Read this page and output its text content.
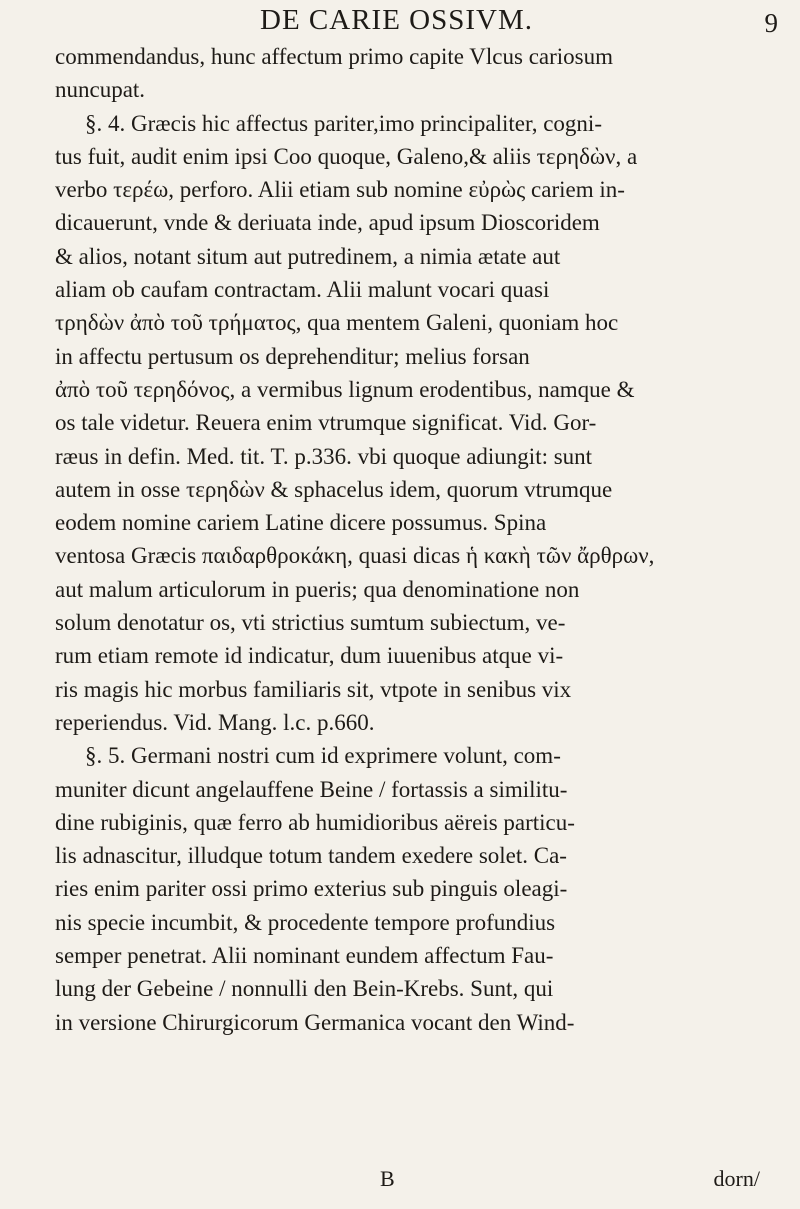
DE CARIE OSSIVM.	9
commendandus, hunc affectum primo capite Vlcus cariosum
nuncupat.
§. 4. Græcis hic affectus pariter,imo principaliter, cogni-
tus fuit, audit enim ipsi Coo quoque, Galeno,& aliis τερηδὼν, a
verbo τερέω, perforo. Alii etiam sub nomine εὐρὼς cariem in-
dicauerunt, vnde & deriuata inde, apud ipsum Dioscoridem
& alios, notant situm aut putredinem, a nimia ætate aut
aliam ob caufam contractam. Alii malunt vocari quasi
τρηδὼν ἀπὸ τοῦ τρήματος, qua mentem Galeni, quoniam hoc
in affectu pertusum os deprehenditur; melius forsan
ἀπὸ τοῦ τερηδόνος, a vermibus lignum erodentibus, namque &
os tale videtur. Reuera enim vtrumque significat. Vid. Gor-
ræus in defin. Med. tit. T. p.336. vbi quoque adiungit: sunt
autem in osse τερηδὼν & sphacelus idem, quorum vtrumque
eodem nomine cariem Latine dicere possumus. Spina
ventosa Græcis παιδαρθροκάκη, quasi dicas ἡ κακὴ τῶν ἄρθρων,
aut malum articulorum in pueris; qua denominatione non
solum denotatur os, vti strictius sumtum subiectum, ve-
rum etiam remote id indicatur, dum iuuenibus atque vi-
ris magis hic morbus familiaris sit, vtpote in senibus vix
reperiendus. Vid. Mang. l.c. p.660.
§. 5. Germani nostri cum id exprimere volunt, com-
muniter dicunt angelauffene Beine / fortassis a similitu-
dine rubiginis, quæ ferro ab humidioribus aëreis particu-
lis adnascitur, illudque totum tandem exedere solet. Ca-
ries enim pariter ossi primo exterius sub pinguis oleagi-
nis specie incumbit, & procedente tempore profundius
semper penetrat. Alii nominant eundem affectum Fau-
lung der Gebeine / nonnulli den Bein-Krebs. Sunt, qui
in versione Chirurgicorum Germanica vocant den Wind-
B	dorn/
